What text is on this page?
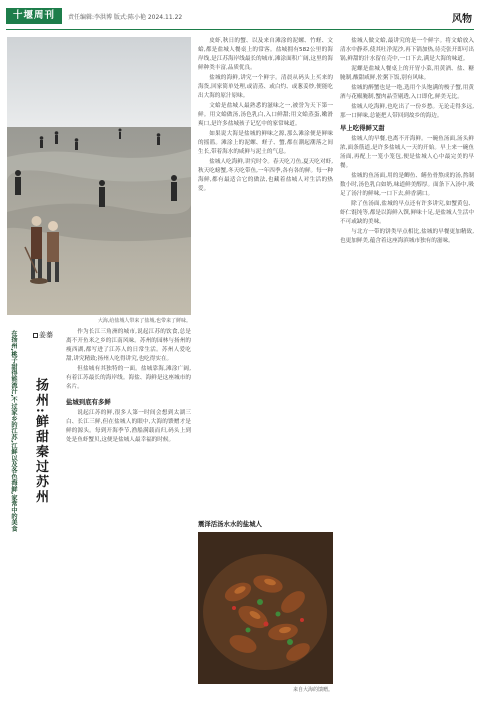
十堰周刊	责任编辑:李洪博 版式:陈小艳 2024.11.22	风物
大海,给盐城人带来了盐城,也带来了鲜味。
在扬州,桃子甜得能流汁,不过家乡的江苏,江鲜以及各色海鲜,家常中的美食	姜蓁
扬州:鲜甜秦过苏州

作为长江三角洲的城市,说起江苏的饮食,总是离不开鱼米之乡的江南风味。苏州的园林与扬州的瘦西湖,都写进了江苏人的日常生活。苏州人爱吃甜,讲究精致;扬州人吃得讲究,也吃得实在。

但盐城有其独特的一面。盐城靠海,滩涂广阔,有着江苏最长的海岸线。海盐、海鲜是这座城市的名片。

盐城到底有多鲜

说起江苏的鲜,很多人第一时间会想到太湖三白、长江三鲜,但在盐城人的眼中,大海的馈赠才是鲜的源头。每到开海季节,渔船满载而归,码头上到处是鱼虾蟹贝,这便是盐城人最幸福的时候。

皮虾,秋日的蟹、以及来自滩涂的泥螺、竹蛏、文蛤,都是盐城人餐桌上的常客。盐城拥有582公里的海岸线,是江苏海岸线最长的城市,滩涂面积广阔,这里的海鲜种类丰富,品质优良。

盐城的海鲜,讲究一个鲜字。清晨从码头上买来的海货,回家简单处理,或清蒸、或白灼、或葱姜炒,便能吃出大海的原汁原味。

文蛤是盐城人最熟悉的滋味之一,被誉为天下第一鲜。用文蛤做汤,汤色乳白,入口鲜甜;用文蛤蒸蛋,嫩滑爽口,是许多盐城孩子记忆中的家常味道。

如果说大海是盐城的鲜味之源,那么滩涂便是鲜味的摇篮。滩涂上的泥螺、蛏子、蟹,都在潮起潮落之间生长,带着海水的咸鲜与泥土的气息。

盐城人吃海鲜,讲究时令。春天吃刀鱼,夏天吃对虾,秋天吃螃蟹,冬天吃带鱼,一年四季,各有各的鲜。每一种海鲜,都有最适合它的做法,也藏着盐城人对生活的热爱。

震泽活汤水水的盐城人
来自大海的馈赠。

盐城人做文蛤,最讲究的是一个鲜字。将文蛤放入清水中静养,使其吐净泥沙,再下锅加热,待壳张开即可出锅,鲜甜的汁水留在壳中,一口下去,满是大海的味道。

泥螺是盐城人餐桌上的开胃小菜,用黄酒、盐、糖腌制,酸甜咸鲜,佐粥下饭,别有风味。

盐城的醉蟹也是一绝,选用个头饱满的梭子蟹,用黄酒与花椒腌制,蟹肉晶莹剔透,入口即化,鲜美无比。

盐城人吃海鲜,也吃出了一份乡愁。无论走得多远,那一口鲜味,总能把人带回到故乡的海边。

早上吃得鲜又甜

盐城人的早餐,也离不开海鲜。一碗鱼汤面,汤头鲜浓,面条筋道,是许多盐城人一天的开始。早上来一碗鱼汤面,再配上一笼小笼包,便是盐城人心中最完美的早餐。

盐城的鱼汤面,用的是鲫鱼、鳝鱼骨熬成的汤,熬制数小时,汤色乳白如奶,味道鲜美醇厚。面条下入汤中,吸足了汤汁的鲜味,一口下去,鲜香满口。

除了鱼汤面,盐城的早点还有许多讲究,如蟹黄包、虾仁馄饨等,都是以海鲜入馔,鲜味十足,是盐城人生活中不可或缺的美味。

与北方一带的饼类早点相比,盐城的早餐更加精致,也更加鲜美,蕴含着这座海滨城市独有的滋味。
